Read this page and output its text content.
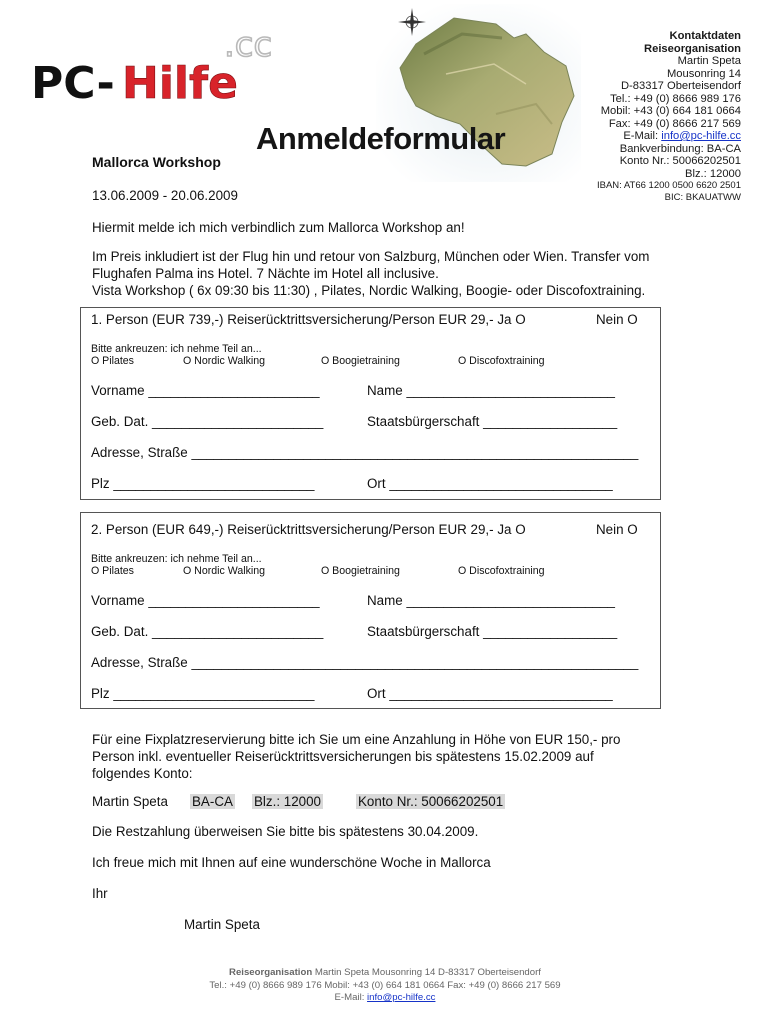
PC- Hilfe
.cc
Anmeldeformular
Kontaktdaten
Reiseorganisation
Martin Speta
Mousonring 14
D-83317 Oberteisendorf
Tel.: +49 (0) 8666 989 176
Mobil: +43 (0) 664 181 0664
Fax: +49 (0) 8666 217 569
E-Mail: info@pc-hilfe.cc
Bankverbindung: BA-CA
Konto Nr.: 50066202501
Blz.: 12000
IBAN: AT66 1200 0500 6620 2501
BIC: BKAUATWW
Mallorca Workshop
13.06.2009 - 20.06.2009
Hiermit melde ich mich verbindlich zum Mallorca Workshop an!
Im Preis inkludiert ist der Flug hin und retour von Salzburg, München oder Wien. Transfer vom
Flughafen Palma ins Hotel. 7 Nächte im Hotel all inclusive.
Vista Workshop ( 6x 09:30 bis 11:30) , Pilates, Nordic Walking, Boogie- oder Discofoxtraining.
1. Person (EUR 739,-) Reiserücktrittsversicherung/Person EUR 29,- Ja O	Nein O
Bitte ankreuzen: ich nehme Teil an...
O Pilates	O Nordic Walking	O Boogietraining	O Discofoxtraining
Vorname _______________________	Name ____________________________
Geb. Dat. _______________________	Staatsbürgerschaft __________________
Adresse, Straße ____________________________________________________________
Plz ___________________________	Ort ______________________________
2. Person (EUR 649,-) Reiserücktrittsversicherung/Person EUR 29,- Ja O	Nein O
Bitte ankreuzen: ich nehme Teil an...
O Pilates	O Nordic Walking	O Boogietraining	O Discofoxtraining
Vorname _______________________	Name ____________________________
Geb. Dat. _______________________	Staatsbürgerschaft __________________
Adresse, Straße ____________________________________________________________
Plz ___________________________	Ort ______________________________
Für eine Fixplatzreservierung bitte ich Sie um eine Anzahlung in Höhe von EUR 150,- pro
Person inkl. eventueller Reiserücktrittsversicherungen bis spätestens 15.02.2009 auf
folgendes Konto:
Martin Speta BA-CA Blz.: 12000	Konto Nr.: 50066202501
Die Restzahlung überweisen Sie bitte bis spätestens 30.04.2009.
Ich freue mich mit Ihnen auf eine wunderschöne Woche in Mallorca
Ihr
Martin Speta
Reiseorganisation Martin Speta Mousonring 14 D-83317 Oberteisendorf
Tel.: +49 (0) 8666 989 176 Mobil: +43 (0) 664 181 0664 Fax: +49 (0) 8666 217 569
E-Mail: info@pc-hilfe.cc
